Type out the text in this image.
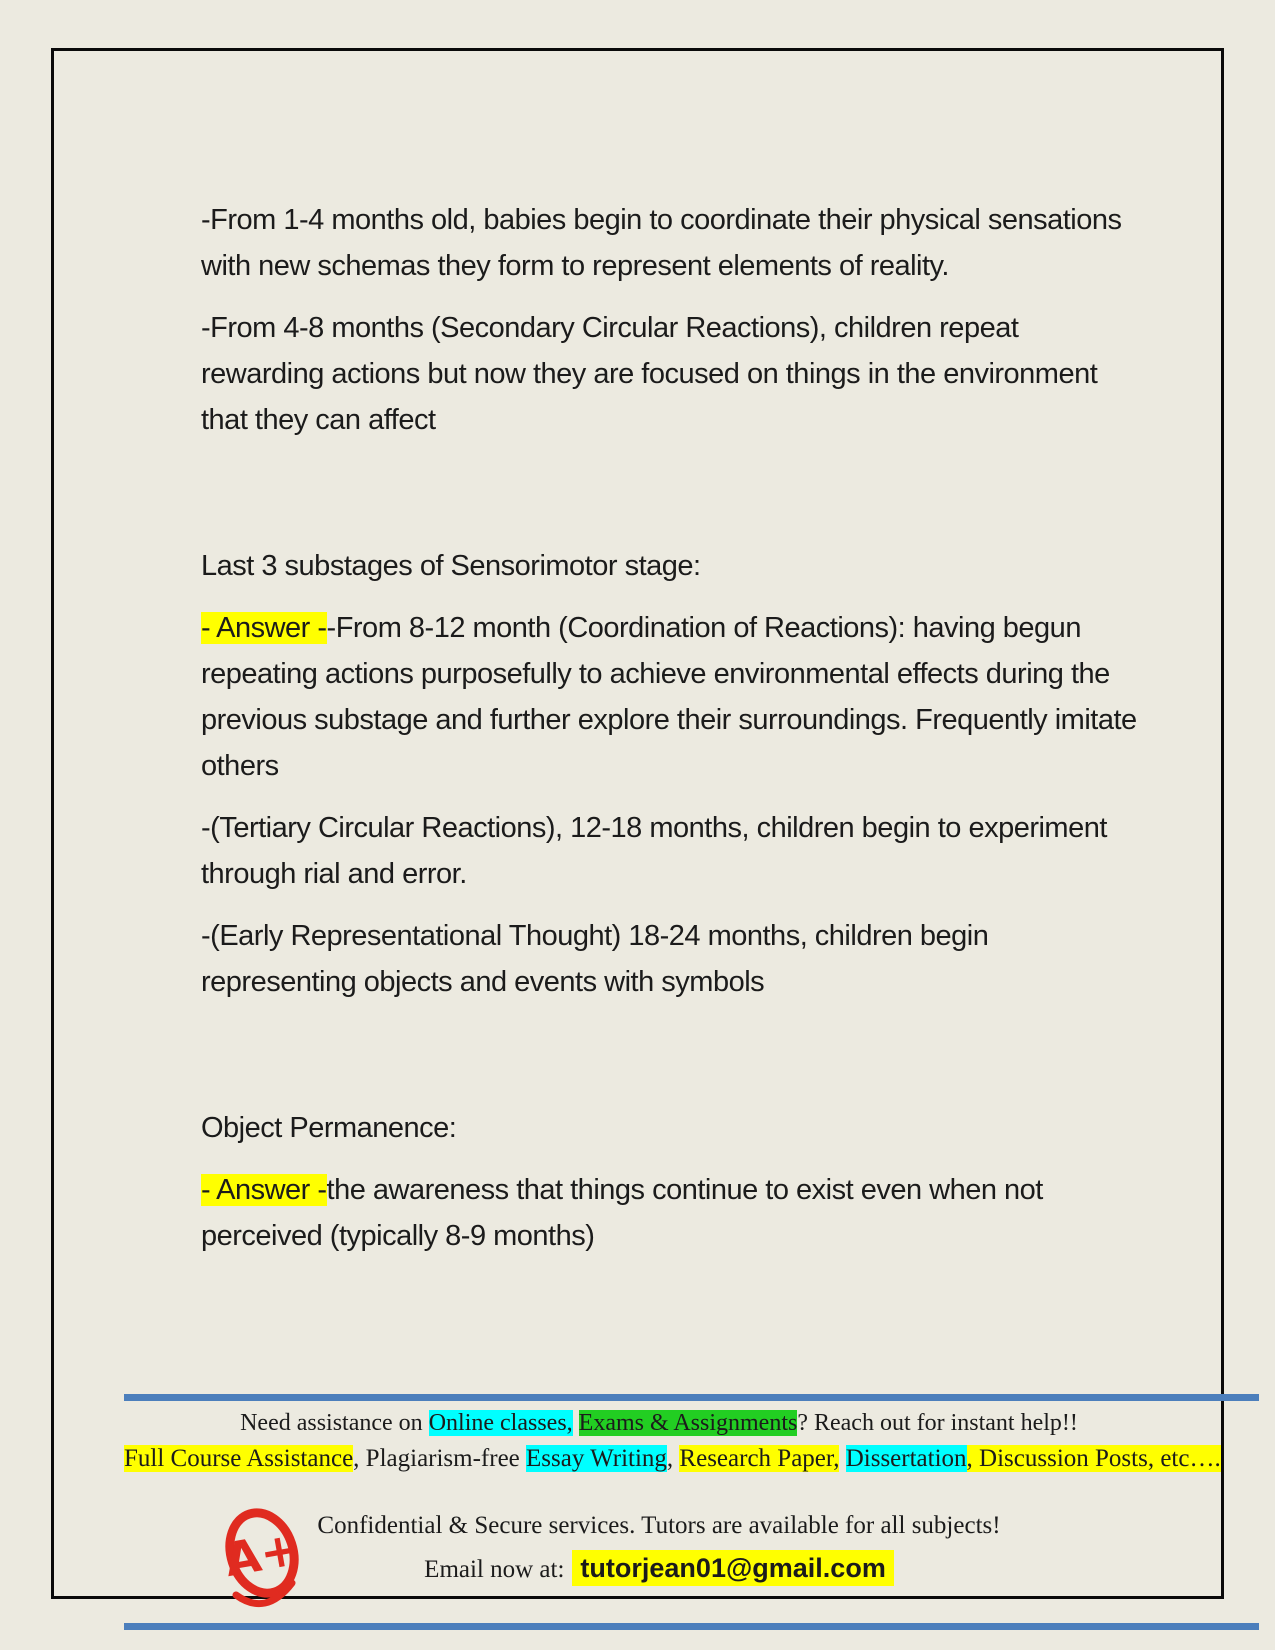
-From 1-4 months old, babies begin to coordinate their physical sensations with new schemas they form to represent elements of reality.

-From 4-8 months (Secondary Circular Reactions), children repeat rewarding actions but now they are focused on things in the environment that they can affect

Last 3 substages of Sensorimotor stage:

- Answer --From 8-12 month (Coordination of Reactions): having begun repeating actions purposefully to achieve environmental effects during the previous substage and further explore their surroundings. Frequently imitate others

-(Tertiary Circular Reactions), 12-18 months, children begin to experiment through rial and error.

-(Early Representational Thought) 18-24 months, children begin representing objects and events with symbols

Object Permanence:

- Answer -the awareness that things continue to exist even when not perceived (typically 8-9 months)

Need assistance on Online classes, Exams & Assignments? Reach out for instant help!!
Full Course Assistance, Plagiarism-free Essay Writing, Research Paper, Dissertation, Discussion Posts, etc….
A+ Confidential & Secure services. Tutors are available for all subjects!
Email now at: tutorjean01@gmail.com
